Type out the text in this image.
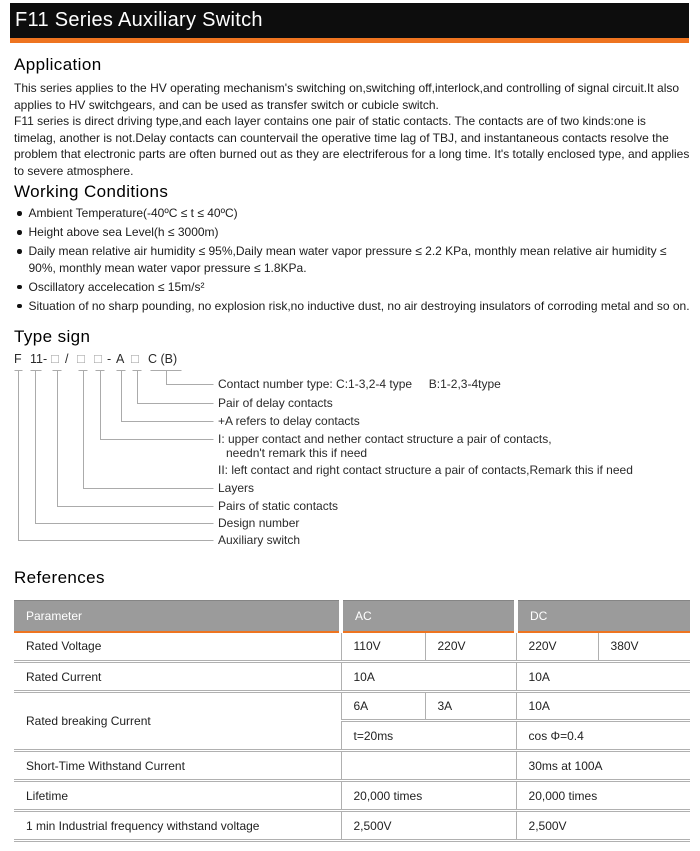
F11 Series Auxiliary Switch
Application

This series applies to the HV operating mechanism's switching on,switching off,interlock,and controlling of signal circuit.It also applies to HV switchgears, and can be used as transfer switch or cubicle switch.

F11 series is direct driving type,and each layer contains one pair of static contacts. The contacts are of two kinds:one is timelag, another is not.Delay contacts can countervail the operative time lag of TBJ, and instantaneous contacts resolve the problem that electronic parts are often burned out as they are electriferous for a long time. It's totally enclosed type, and applies to severe atmosphere.

Working Conditions
Ambient Temperature(-40ºC ≤ t ≤ 40ºC)
Height above sea Level(h ≤ 3000m)
Daily mean relative air humidity ≤ 95%,Daily mean water vapor pressure ≤ 2.2 KPa, monthly mean relative air humidity ≤ 90%, monthly mean water vapor pressure ≤ 1.8KPa.
Oscillatory accelecation ≤ 15m/s²
Situation of no sharp pounding, no explosion risk,no inductive dust, no air destroying insulators of corroding metal and so on.
Type sign
F 11- □ / □ □ - A □ C (B)
Contact number type: C:1-3,2-4 type     B:1-2,3-4type
Pair of delay contacts
+A refers to delay contacts
I: upper contact and nether contact structure a pair of contacts,
needn't remark this if need
II: left contact and right contact structure a pair of contacts,Remark this if need
Layers
Pairs of static contacts
Design number
Auxiliary switch
References
Parameter	AC		DC	
Rated Voltage	110V	220V	220V	380V
Rated Current	10A		10A	
Rated breaking Current	6A	3A	10A	
	t=20ms		cos Φ=0.4	
Short-Time Withstand Current			30ms at 100A	
Lifetime	20,000 times		20,000 times	
1 min Industrial frequency withstand voltage	2,500V		2,500V	
